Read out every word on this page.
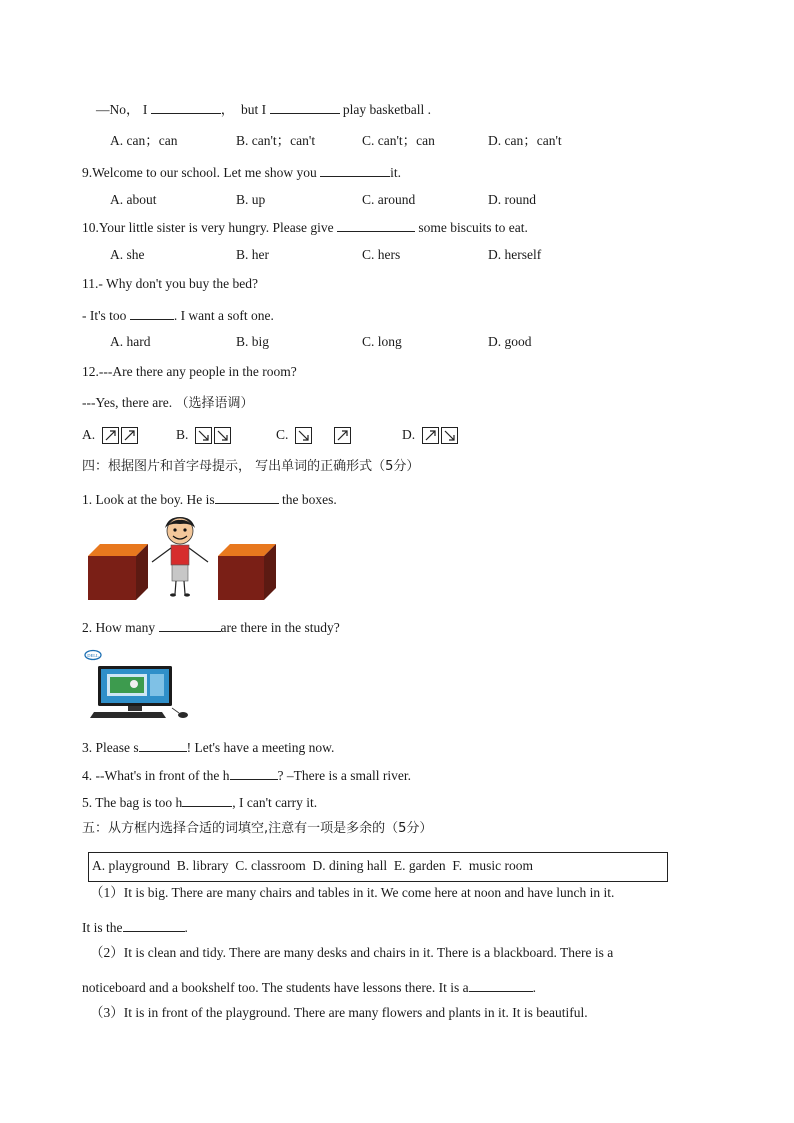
—No， I	， but I	play basketball .
A. can；can	B. can't；can't	C. can't；can	D. can；can't
9.Welcome to our school. Let me show you	it.
A. about	B. up	C. around	D. round
10.Your little sister is very hungry. Please give	some biscuits to eat.
A. she	B. her	C. hers	D. herself
11.- Why don't you buy the bed?
- It's too	. I want a soft one.
A. hard	B. big	C. long	D. good
12.---Are there any people in the room?
---Yes, there are. （选择语调）
A.	B.	C.
	D.
四：根据图片和首字母提示， 写出单词的正确形式（5分）
1. Look at the boy. He is	the boxes.
2. How many	are there in the study?
DELL
3. Please s	! Let's have a meeting now.
4. --What's in front of the h	? –There is a small river.
5. The bag is too h	, I can't carry it.
五：从方框内选择合适的词填空,注意有一项是多余的（5分）
A. playground  B. library  C. classroom  D. dining hall  E. garden  F.  music room
（1）It is big. There are many chairs and tables in it. We come here at noon and have lunch in it.
It is the	.
（2）It is clean and tidy. There are many desks and chairs in it. There is a blackboard. There is a
noticeboard and a bookshelf too. The students have lessons there. It is a	.
（3）It is in front of the playground. There are many flowers and plants in it. It is beautiful.
